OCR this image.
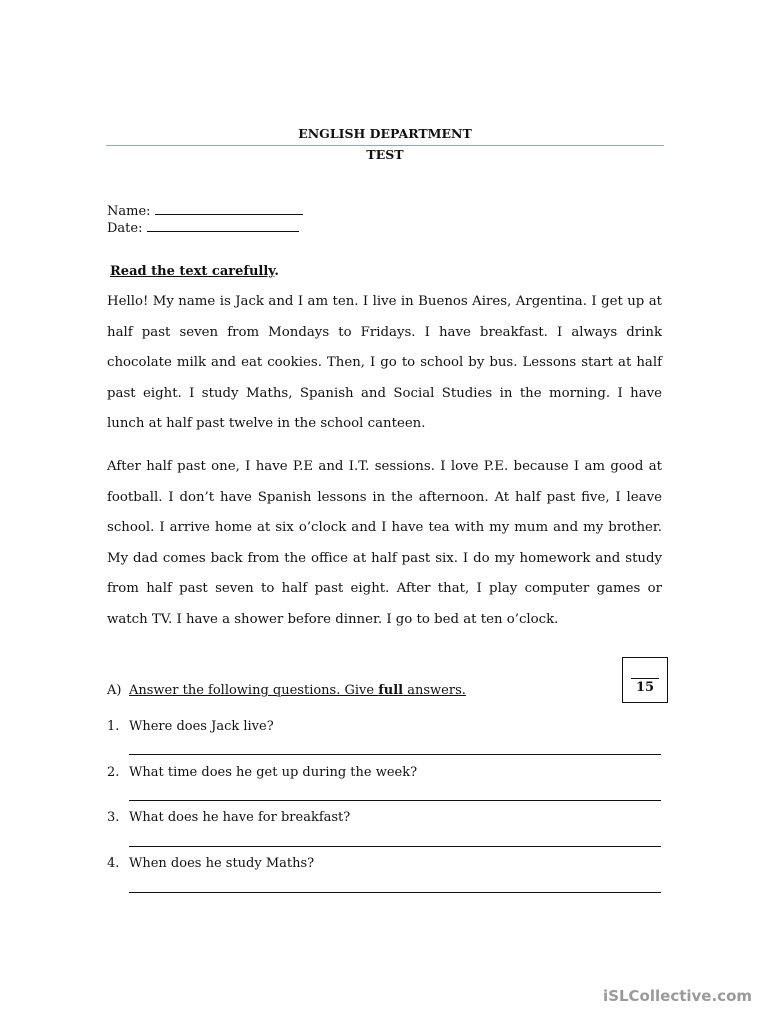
ENGLISH DEPARTMENT
TEST
Name:
Date:
Read the text carefully.
Hello! My name is Jack and I am ten. I live in Buenos Aires, Argentina. I get up at half past seven from Mondays to Fridays. I have breakfast. I always drink chocolate milk and eat cookies. Then, I go to school by bus. Lessons start at half past eight. I study Maths, Spanish and Social Studies in the morning. I have lunch at half past twelve in the school canteen.
After half past one, I have P.E and I.T. sessions. I love P.E. because I am good at football. I don’t have Spanish lessons in the afternoon. At half past five, I leave school. I arrive home at six o’clock and I have tea with my mum and my brother. My dad comes back from the office at half past six. I do my homework and study from half past seven to half past eight. After that, I play computer games or watch TV. I have a shower before dinner. I go to bed at ten o’clock.
15
A) Answer the following questions. Give full answers.
1. Where does Jack live?
2. What time does he get up during the week?
3. What does he have for breakfast?
4. When does he study Maths?
iSLCollective.com
